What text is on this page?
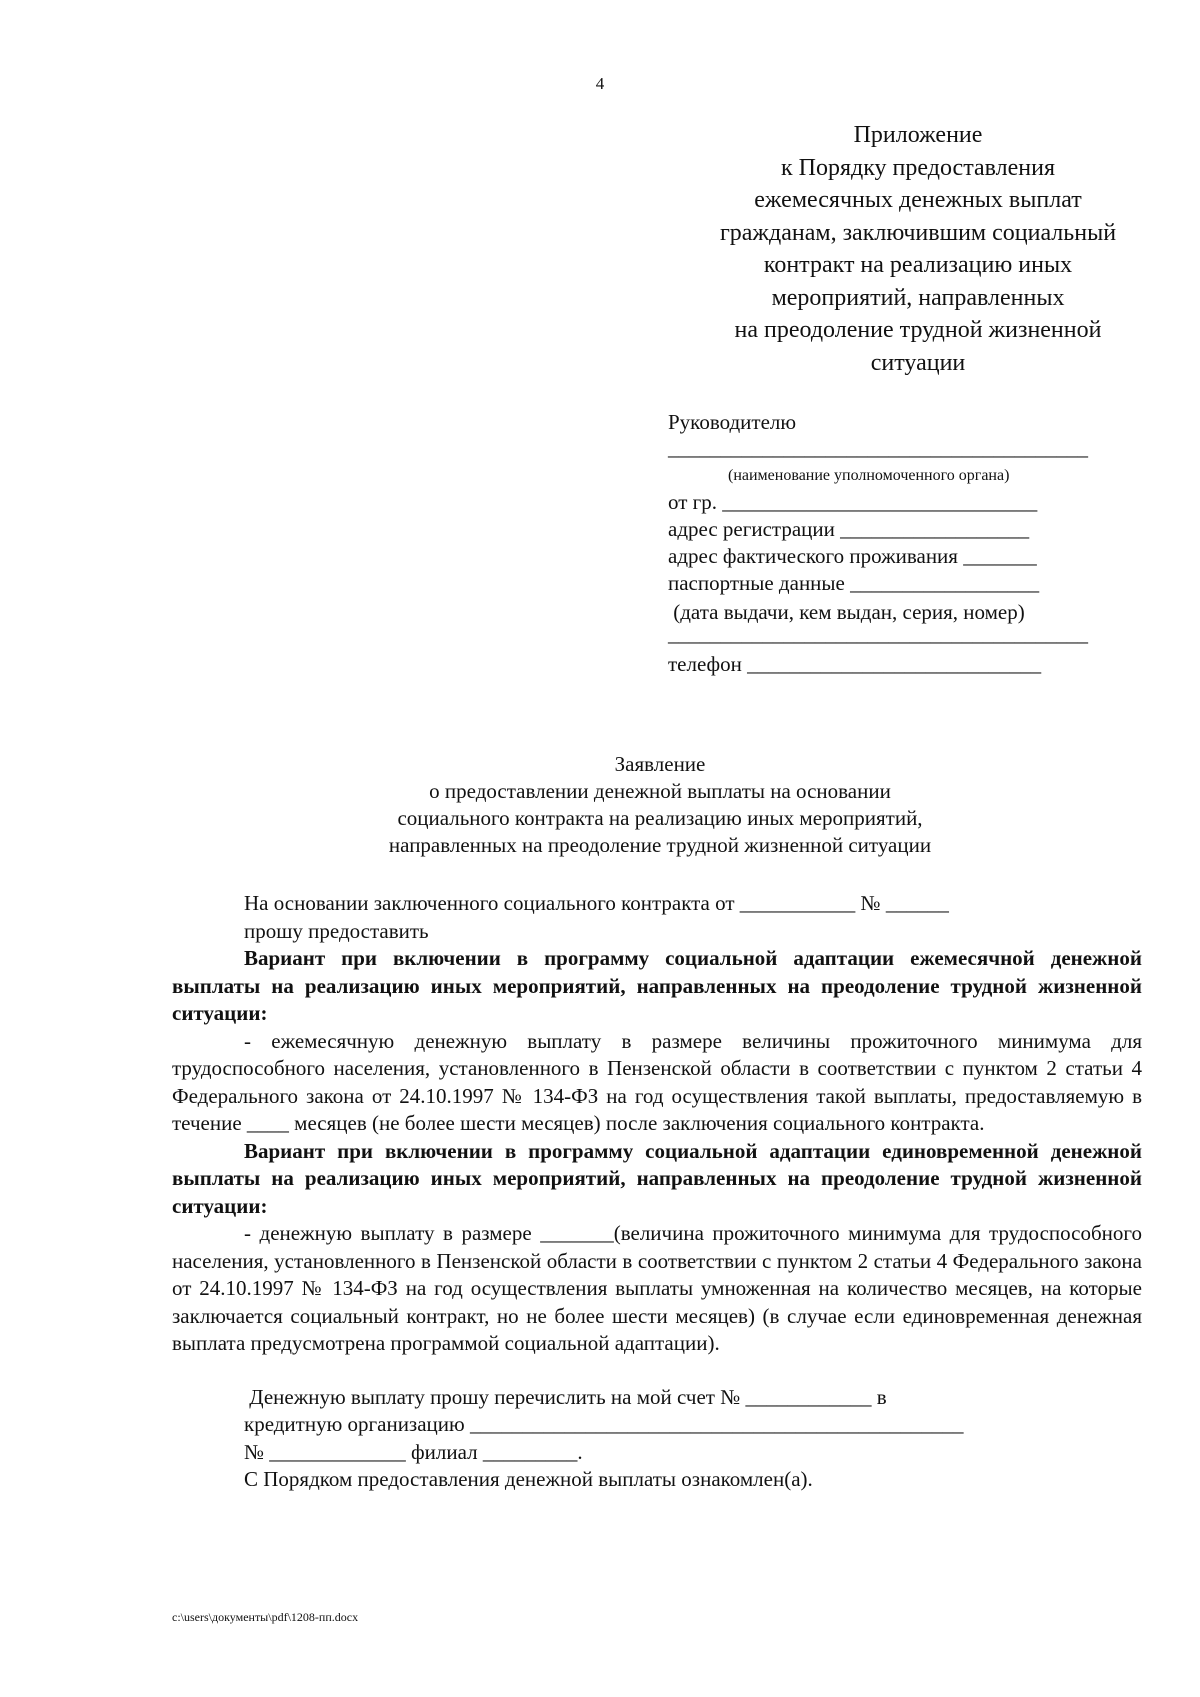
4
Приложение
к Порядку предоставления
ежемесячных денежных выплат
гражданам, заключившим социальный
контракт на реализацию иных
мероприятий, направленных
на преодоление трудной жизненной
ситуации
Руководителю
________________________________________
(наименование уполномоченного органа)
от гр. ______________________________
адрес регистрации __________________
адрес фактического проживания _______
паспортные данные __________________
(дата выдачи, кем выдан, серия, номер)
________________________________________
телефон ____________________________
Заявление
о предоставлении денежной выплаты на основании
социального контракта на реализацию иных мероприятий,
направленных на преодоление трудной жизненной ситуации

На основании заключенного социального контракта от ___________ № ______

прошу предоставить

Вариант при включении в программу социальной адаптации ежемесячной денежной выплаты на реализацию иных мероприятий, направленных на преодоление трудной жизненной ситуации:

- ежемесячную денежную выплату в размере величины прожиточного минимума для трудоспособного населения, установленного в Пензенской области в соответствии с пунктом 2 статьи 4 Федерального закона от 24.10.1997 № 134-ФЗ на год осуществления такой выплаты, предоставляемую в течение ____ месяцев (не более шести месяцев) после заключения социального контракта.

Вариант при включении в программу социальной адаптации единовременной денежной выплаты на реализацию иных мероприятий, направленных на преодоление трудной жизненной ситуации:

- денежную выплату в размере _______(величина прожиточного минимума для трудоспособного населения, установленного в Пензенской области в соответствии с пунктом 2 статьи 4 Федерального закона от 24.10.1997 № 134-ФЗ на год осуществления выплаты умноженная на количество месяцев, на которые заключается социальный контракт, но не более шести месяцев) (в случае если единовременная денежная выплата предусмотрена программой социальной адаптации).

Денежную выплату прошу перечислить на мой счет № ____________ в

кредитную организацию _______________________________________________

№ _____________ филиал _________.

С Порядком предоставления денежной выплаты ознакомлен(а).

c:\users\документы\pdf\1208-пп.docx
